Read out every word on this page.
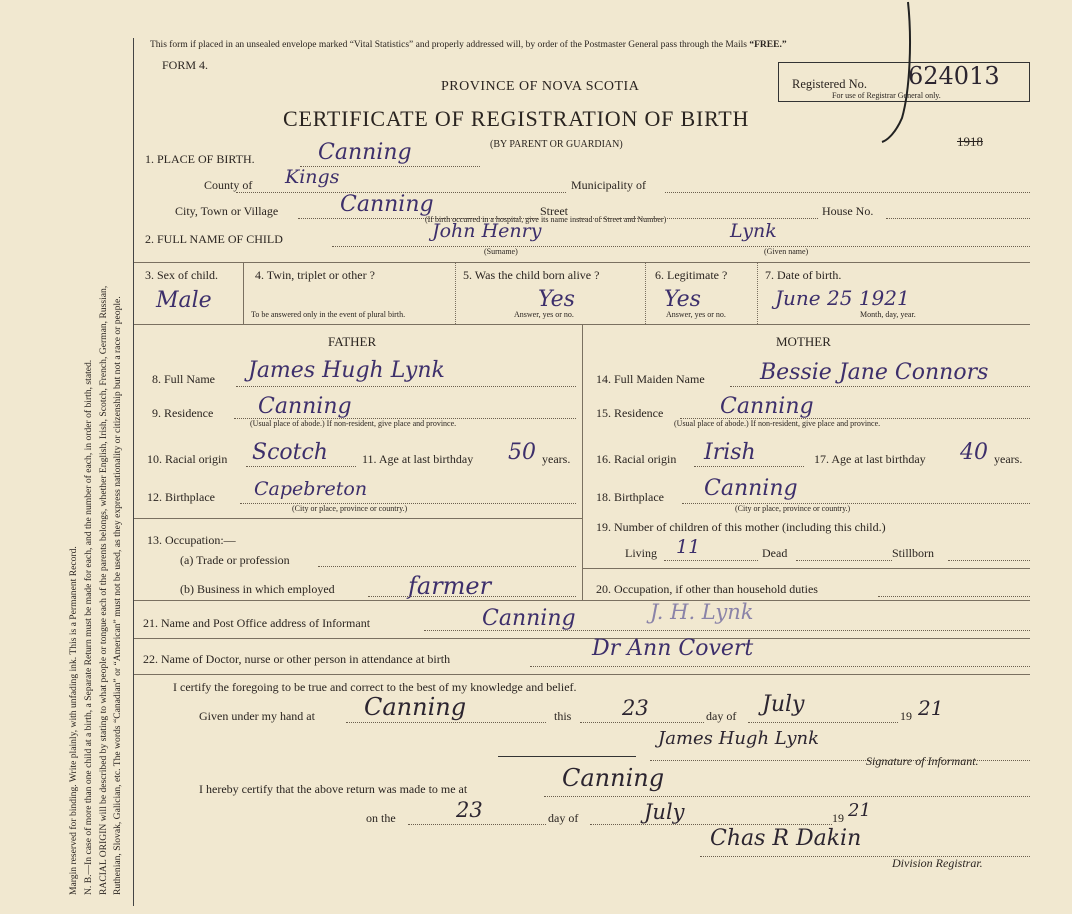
Margin reserved for binding. Write plainly, with unfading ink. This is a Permanent Record. N. B.—In case of more than one child at a birth, a Separate Return must be made for each, and the number of each, in order of birth, stated. RACIAL ORIGIN will be described by stating to what people or tongue each of the parents belongs, whether English, Irish, Scotch, French, German, Russian, Ruthenian, Slovak, Galician, etc. The words “Canadian” or “American” must not be used, as they express nationality or citizenship but not a race or people.
This form if placed in an unsealed envelope marked “Vital Statistics” and properly addressed will, by order of the Postmaster General pass through the Mails “FREE.”
FORM 4.
PROVINCE OF NOVA SCOTIA
CERTIFICATE OF REGISTRATION OF BIRTH
(BY PARENT OR GUARDIAN)
Registered No. 624013
For use of Registrar General only.
1918
1. PLACE OF BIRTH.	Canning
County of Kings	Municipality of
City, Town or Village	Canning	Street
(If birth occurred in a hospital, give its name instead of Street and Number)
House No.
2. FULL NAME OF CHILD	John Henry
(Surname)
Lynk
(Given name)
3. Sex of child.
Male
4. Twin, triplet or other ?
To be answered only in the event of plural birth.
5. Was the child born alive ?
Yes
Answer, yes or no.
6. Legitimate ?
Yes
Answer, yes or no.
7. Date of birth.
June 25 1921
Month, day, year.
FATHER
8. Full Name James Hugh Lynk
9. Residence Canning
(Usual place of abode.) If non-resident, give place and province.
10. Racial origin Scotch	11. Age at last birthday 50 years.
12. Birthplace Capebreton
(City or place, province or country.)
13. Occupation:—
(a) Trade or profession
(b) Business in which employed	farmer
MOTHER
14. Full Maiden Name	Bessie Jane Connors
15. Residence	Canning
(Usual place of abode.) If non-resident, give place and province.
16. Racial origin Irish	17. Age at last birthday 40 years.
18. Birthplace Canning
(City or place, province or country.)
19. Number of children of this mother (including this child.)
Living 11	Dead	Stillborn
20. Occupation, if other than household duties
21. Name and Post Office address of Informant	Canning	J. H. Lynk
22. Name of Doctor, nurse or other person in attendance at birth	Dr Ann Covert
I certify the foregoing to be true and correct to the best of my knowledge and belief.
Given under my hand at Canning	this 23	day of July	19 21
James Hugh Lynk
Signature of Informant.
I hereby certify that the above return was made to me at	Canning
on the	23	day of	July	19 21
Chas R Dakin
Division Registrar.
